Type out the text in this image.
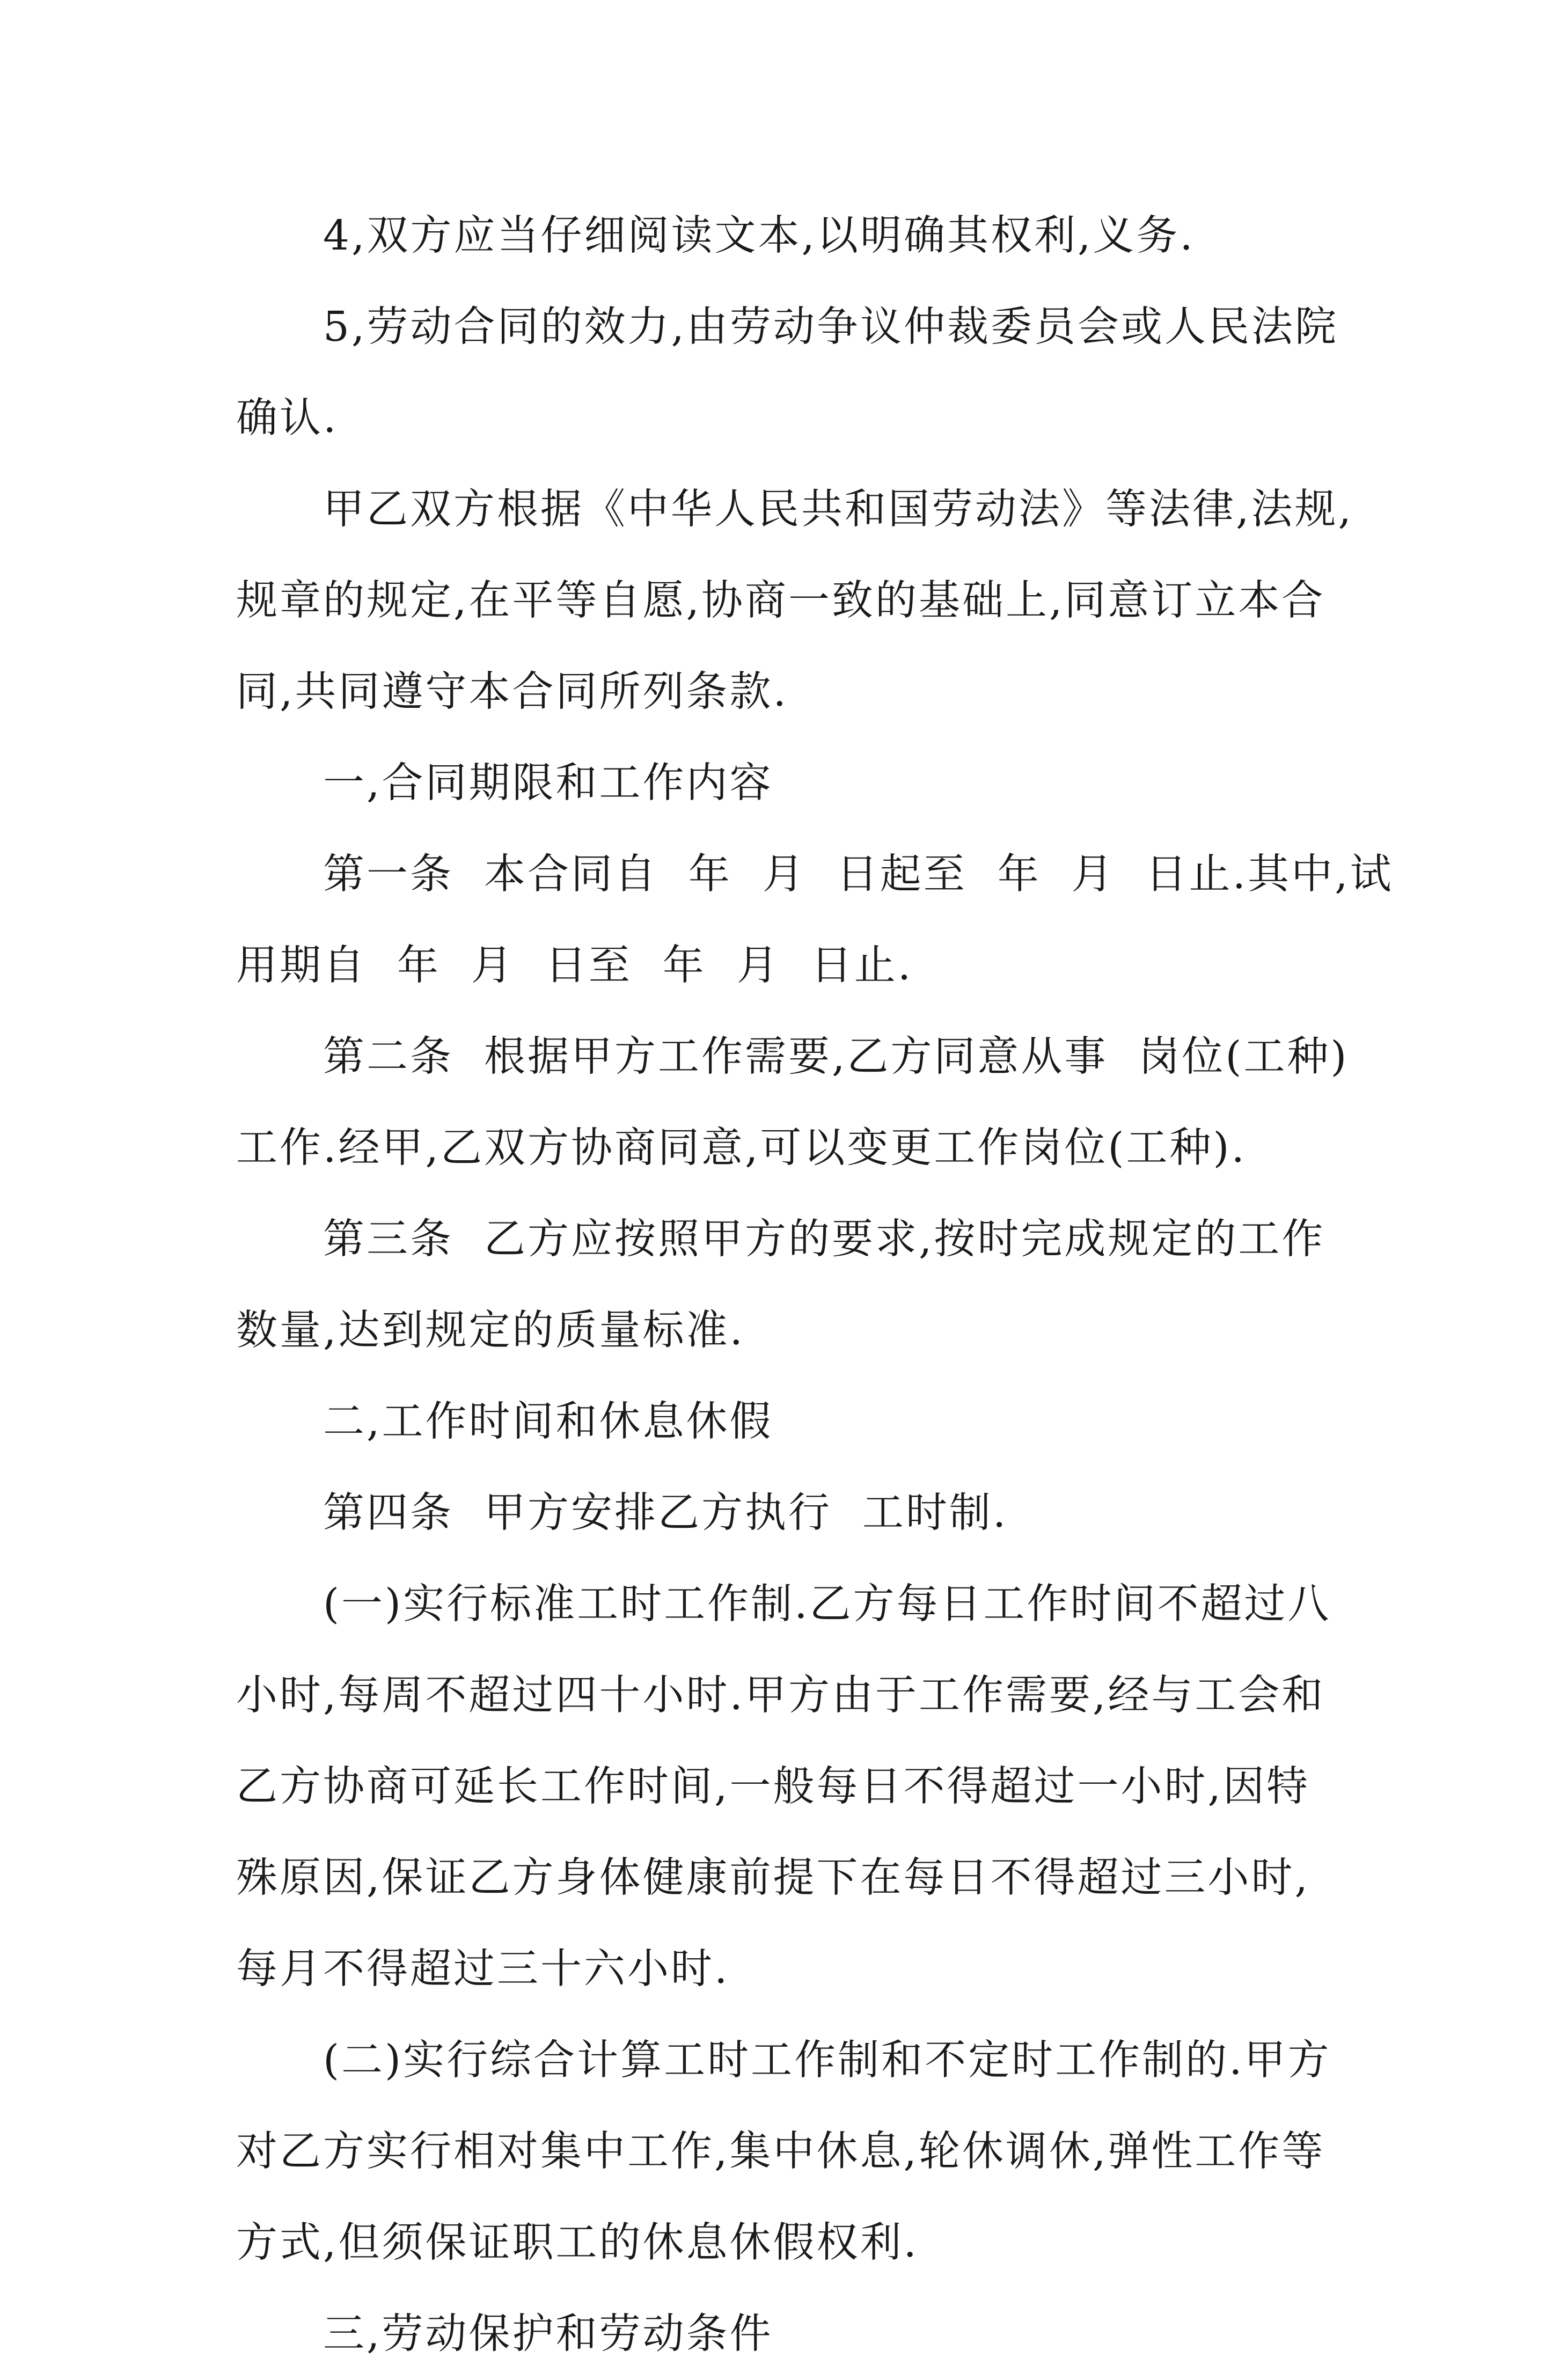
4,双方应当仔细阅读文本,以明确其权利,义务.
5,劳动合同的效力,由劳动争议仲裁委员会或人民法院
确认.
甲乙双方根据《中华人民共和国劳动法》等法律,法规,
规章的规定,在平等自愿,协商一致的基础上,同意订立本合
同,共同遵守本合同所列条款.
一,合同期限和工作内容
第一条  本合同自  年  月  日起至  年  月  日止.其中,试
用期自  年  月  日至  年  月  日止.
第二条  根据甲方工作需要,乙方同意从事  岗位(工种)
工作.经甲,乙双方协商同意,可以变更工作岗位(工种).
第三条  乙方应按照甲方的要求,按时完成规定的工作
数量,达到规定的质量标准.
二,工作时间和休息休假
第四条  甲方安排乙方执行  工时制.
(一)实行标准工时工作制.乙方每日工作时间不超过八
小时,每周不超过四十小时.甲方由于工作需要,经与工会和
乙方协商可延长工作时间,一般每日不得超过一小时,因特
殊原因,保证乙方身体健康前提下在每日不得超过三小时,
每月不得超过三十六小时.
(二)实行综合计算工时工作制和不定时工作制的.甲方
对乙方实行相对集中工作,集中休息,轮休调休,弹性工作等
方式,但须保证职工的休息休假权利.
三,劳动保护和劳动条件
